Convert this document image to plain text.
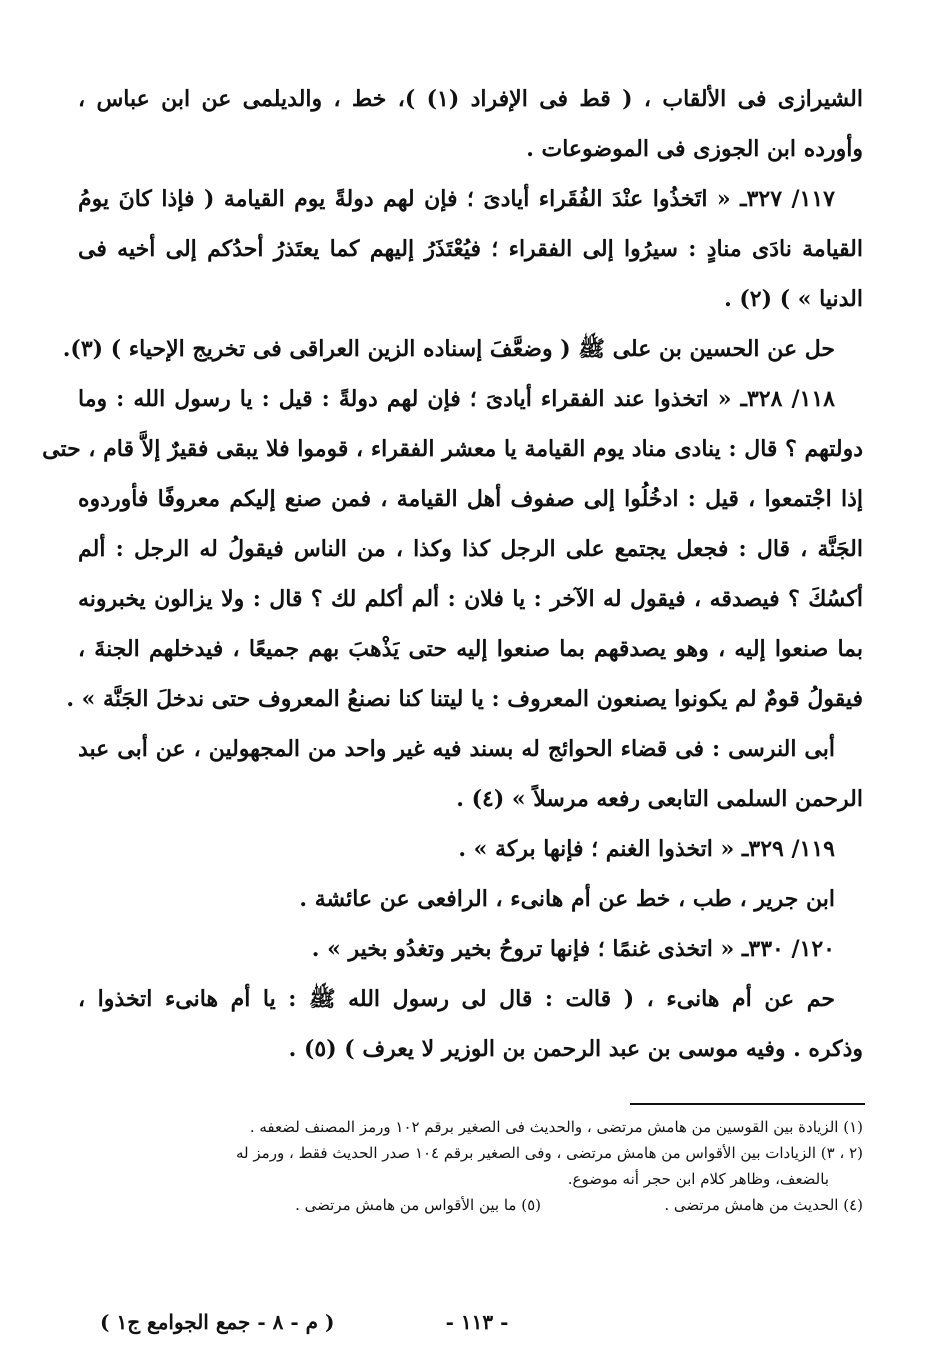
الشيرازى فى الألقاب ، ( قط فى الإفراد (١) )، خط ، والديلمى عن ابن عباس ،
وأورده ابن الجوزى فى الموضوعات .
١١٧/ ٣٢٧ـ « اتَخذُوا عنْدَ الفُقَراء أيادىَ ؛ فإن لهم دولةً يوم القيامة ( فإذا كانَ يومُ
القيامة نادَى منادٍ : سيرُوا إلى الفقراء ؛ فيُعْتَذَرُ إليهم كما يعتَذرُ أحدُكم إلى أخيه فى
الدنيا » ) (٢) .
حل عن الحسين بن على ﷺ ( وضعَّفَ إسناده الزين العراقى فى تخريج الإحياء ) (٣).
١١٨/ ٣٢٨ـ « اتخذوا عند الفقراء أيادىَ ؛ فإن لهم دولةً : قيل : يا رسول الله : وما
دولتهم ؟ قال : ينادى مناد يوم القيامة يا معشر الفقراء ، قوموا فلا يبقى فقيرٌ إلاَّ قام ، حتى
إذا اجْتمعوا ، قيل : ادخُلُوا إلى صفوف أهل القيامة ، فمن صنع إليكم معروفًا فأوردوه
الجَنَّة ، قال : فجعل يجتمع على الرجل كذا وكذا ، من الناس فيقولُ له الرجل : ألم
أكسُكَ ؟ فيصدقه ، فيقول له الآخر : يا فلان : ألم أكلم لك ؟ قال : ولا يزالون يخبرونه
بما صنعوا إليه ، وهو يصدقهم بما صنعوا إليه حتى يَذْهبَ بهم جميعًا ، فيدخلهم الجنةَ ،
فيقولُ قومٌ لم يكونوا يصنعون المعروف : يا ليتنا كنا نصنعُ المعروف حتى ندخلَ الجَنَّة » .
أبى النرسى : فى قضاء الحوائج له بسند فيه غير واحد من المجهولين ، عن أبى عبد
الرحمن السلمى التابعى رفعه مرسلاً » (٤) .
١١٩/ ٣٢٩ـ « اتخذوا الغنم ؛ فإنها بركة » .
ابن جرير ، طب ، خط عن أم هانىء ، الرافعى عن عائشة .
١٢٠/ ٣٣٠ـ « اتخذى غنمًا ؛ فإنها تروحُ بخير وتغدُو بخير » .
حم عن أم هانىء ، ( قالت : قال لى رسول الله ﷺ : يا أم هانىء اتخذوا ،
وذكره . وفيه موسى بن عبد الرحمن بن الوزير لا يعرف ) (٥) .
(١) الزيادة بين القوسين من هامش مرتضى ، والحديث فى الصغير برقم ١٠٢ ورمز المصنف لضعفه .
(٢ ، ٣) الزيادات بين الأقواس من هامش مرتضى ، وفى الصغير برقم ١٠٤ صدر الحديث فقط ، ورمز له
بالضعف، وظاهر كلام ابن حجر أنه موضوع.
(٤) الحديث من هامش مرتضى .
(٥) ما بين الأقواس من هامش مرتضى .
- ١١٣ -
( م - ٨ - جمع الجوامع ج١ )
